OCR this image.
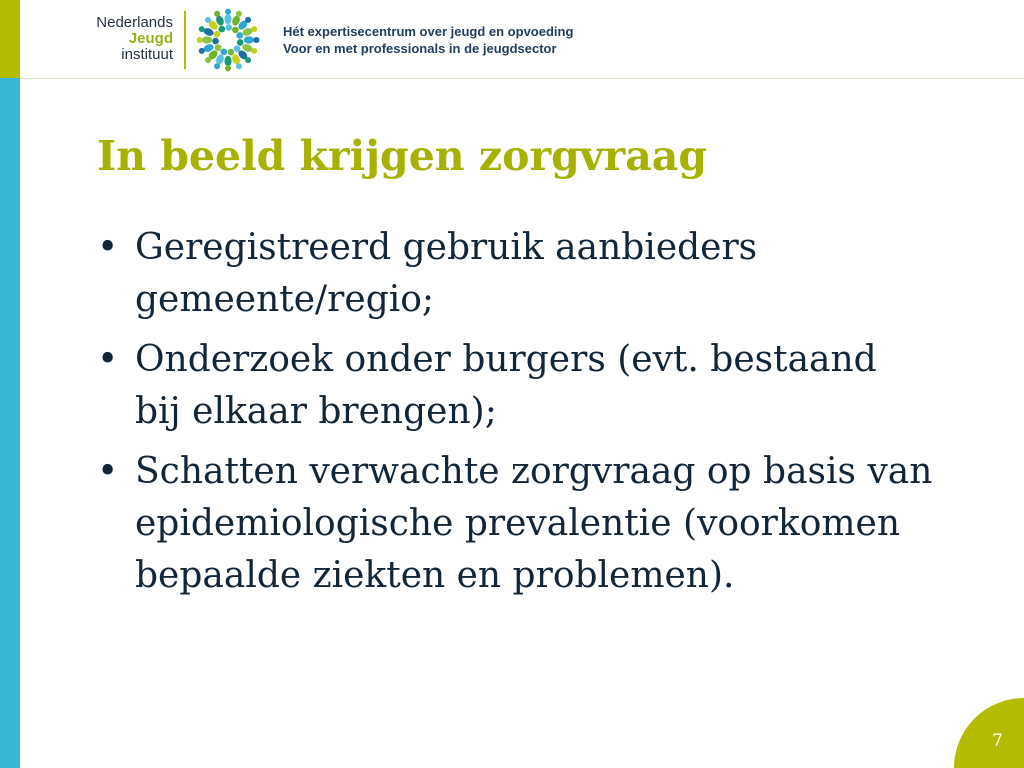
Nederlands
Jeugd
instituut
Hét expertisecentrum over jeugd en opvoeding
Voor en met professionals in de jeugdsector
In beeld krijgen zorgvraag
• Geregistreerd gebruik aanbieders
gemeente/regio;
• Onderzoek onder burgers (evt. bestaand
bij elkaar brengen);
• Schatten verwachte zorgvraag op basis van
epidemiologische prevalentie (voorkomen
bepaalde ziekten en problemen).
7
